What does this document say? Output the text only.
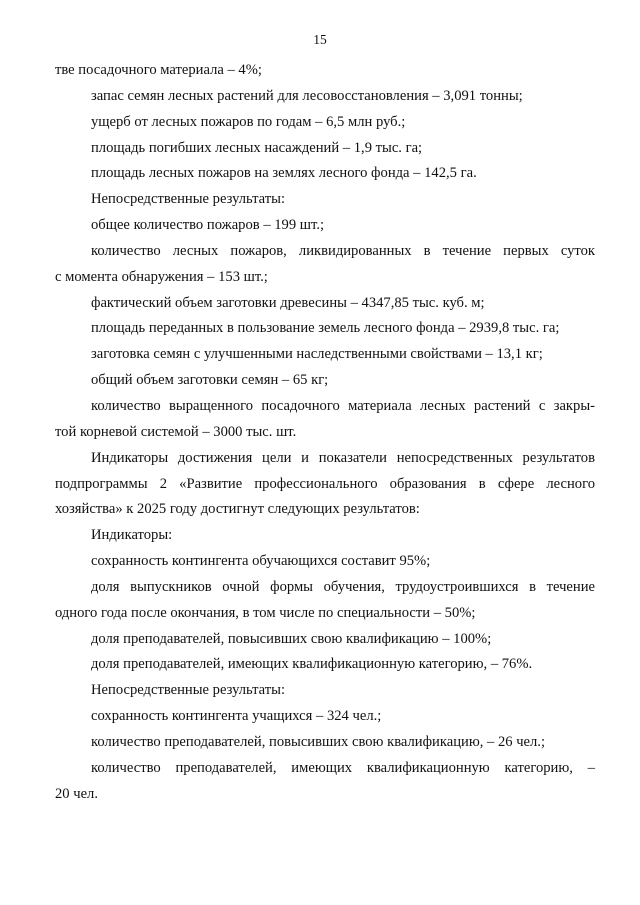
15
тве посадочного материала – 4%;
запас семян лесных растений для лесовосстановления – 3,091 тонны;
ущерб от лесных пожаров по годам – 6,5 млн руб.;
площадь погибших лесных насаждений – 1,9 тыс. га;
площадь лесных пожаров на землях лесного фонда – 142,5 га.
Непосредственные результаты:
общее количество пожаров – 199 шт.;
количество лесных пожаров, ликвидированных в течение первых суток
с момента обнаружения – 153 шт.;
фактический объем заготовки древесины – 4347,85 тыс. куб. м;
площадь переданных в пользование земель лесного фонда – 2939,8 тыс. га;
заготовка семян с улучшенными наследственными свойствами – 13,1 кг;
общий объем заготовки семян – 65 кг;
количество выращенного посадочного материала лесных растений с закры-
той корневой системой – 3000 тыс. шт.
Индикаторы достижения цели и показатели непосредственных результатов
подпрограммы 2 «Развитие профессионального образования в сфере лесного
хозяйства» к 2025 году достигнут следующих результатов:
Индикаторы:
сохранность контингента обучающихся составит 95%;
доля выпускников очной формы обучения, трудоустроившихся в течение
одного года после окончания, в том числе по специальности – 50%;
доля преподавателей, повысивших свою квалификацию – 100%;
доля преподавателей, имеющих квалификационную категорию, – 76%.
Непосредственные результаты:
сохранность контингента учащихся – 324 чел.;
количество преподавателей, повысивших свою квалификацию, – 26 чел.;
количество преподавателей, имеющих квалификационную категорию, –
20 чел.
